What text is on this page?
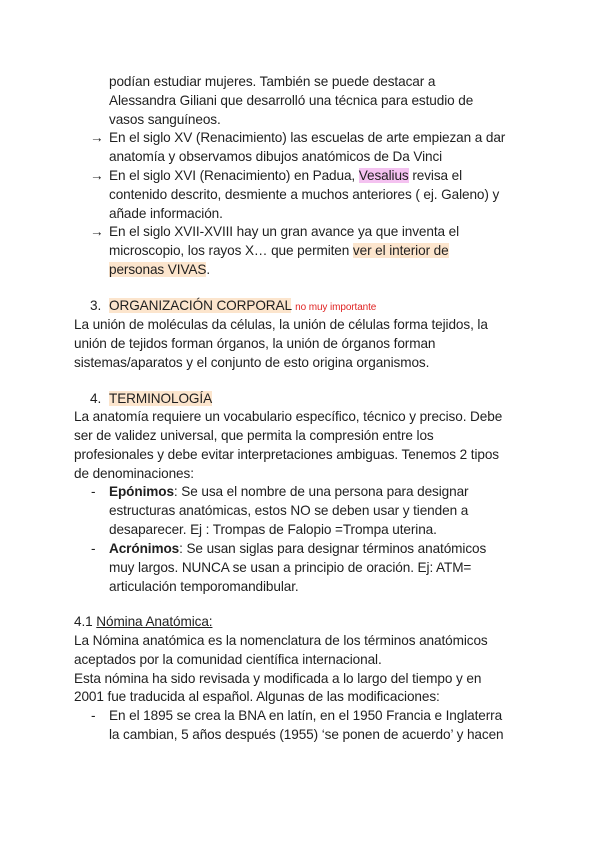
podían estudiar mujeres. También se puede destacar a
Alessandra Giliani que desarrolló una técnica para estudio de
vasos sanguíneos.
→ En el siglo XV (Renacimiento) las escuelas de arte empiezan a dar
anatomía y observamos dibujos anatómicos de Da Vinci
→ En el siglo XVI (Renacimiento) en Padua, Vesalius revisa el
contenido descrito, desmiente a muchos anteriores ( ej. Galeno) y
añade información.
→ En el siglo XVII-XVIII hay un gran avance ya que inventa el
microscopio, los rayos X… que permiten ver el interior de
personas VIVAS.
3. ORGANIZACIÓN CORPORAL no muy importante
La unión de moléculas da células, la unión de células forma tejidos, la
unión de tejidos forman órganos, la unión de órganos forman
sistemas/aparatos y el conjunto de esto origina organismos.
4. TERMINOLOGÍA
La anatomía requiere un vocabulario específico, técnico y preciso. Debe
ser de validez universal, que permita la compresión entre los
profesionales y debe evitar interpretaciones ambiguas. Tenemos 2 tipos
de denominaciones:
- Epónimos: Se usa el nombre de una persona para designar
estructuras anatómicas, estos NO se deben usar y tienden a
desaparecer. Ej : Trompas de Falopio =Trompa uterina.
- Acrónimos: Se usan siglas para designar términos anatómicos
muy largos. NUNCA se usan a principio de oración. Ej: ATM=
articulación temporomandibular.
4.1 Nómina Anatómica:
La Nómina anatómica es la nomenclatura de los términos anatómicos
aceptados por la comunidad científica internacional.
Esta nómina ha sido revisada y modificada a lo largo del tiempo y en
2001 fue traducida al español. Algunas de las modificaciones:
- En el 1895 se crea la BNA en latín, en el 1950 Francia e Inglaterra
la cambian, 5 años después (1955) ‘se ponen de acuerdo’ y hacen
